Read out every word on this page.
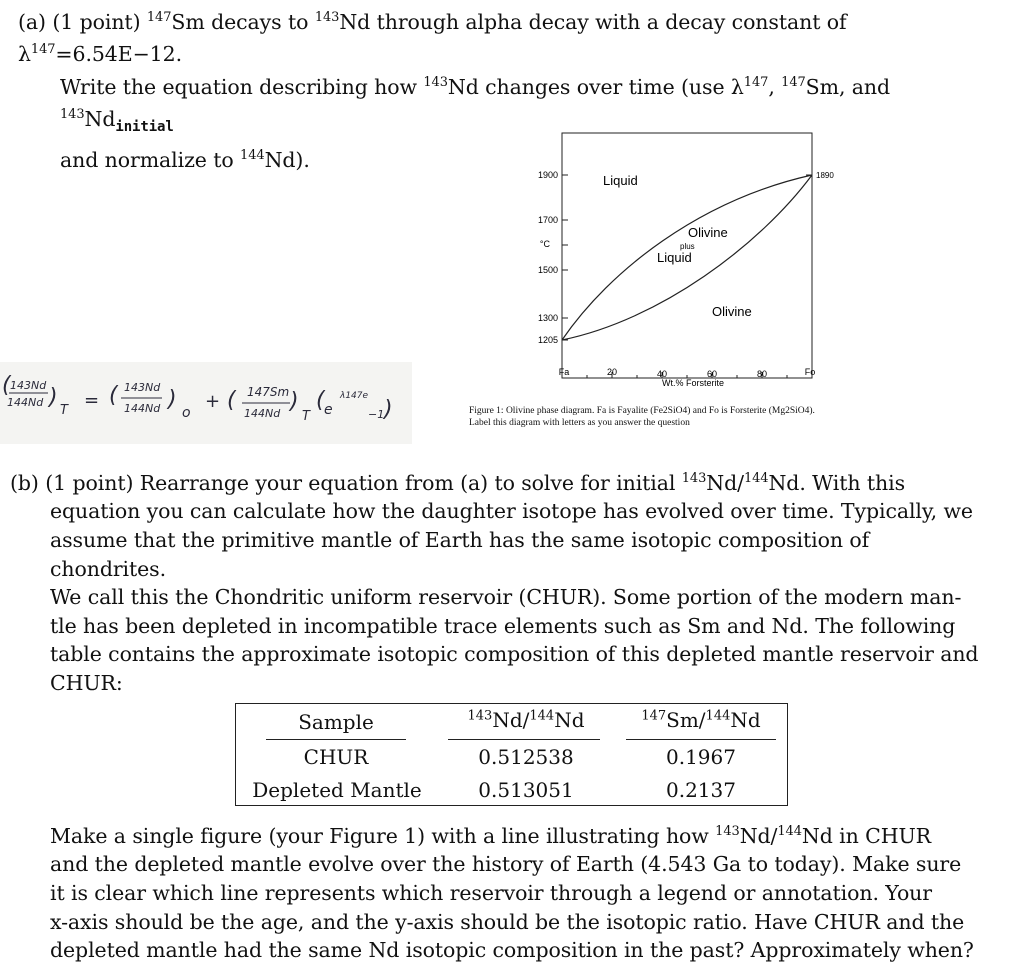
(a) (1 point) $^{147}$Sm decays to $^{143}$Nd through alpha decay with a decay constant of $\lambda^{147}=6.54E-12$.
Write the equation describing how $^{143}$Nd changes over time (use $\lambda^{147}$, $^{147}$Sm, and $^{143}Nd_{initial}$
and normalize to $^{144}$Nd).
1900
1700
°C
1500
1300
1205
1890
Fa	20	40	60	80	Fo
Wt.% Forsterite
Liquid
Olivine
plus
Liquid
Olivine
Figure 1: Olivine phase diagram. Fa is Fayalite (Fe2SiO4) and Fo is Forsterite (Mg2SiO4).
Label this diagram with letters as you answer the question
( 143Nd
144Nd )
T = ( 143Nd
144Nd )
o
+ ( 147Sm
144Nd )
T
( λ147e
e	−1 )
(b) (1 point) Rearrange your equation from (a) to solve for initial $^{143}$Nd/$^{144}$Nd. With this
equation you can calculate how the daughter isotope has evolved over time. Typically, we
assume that the primitive mantle of Earth has the same isotopic composition of chondrites.
We call this the Chondritic uniform reservoir (CHUR). Some portion of the modern man-
tle has been depleted in incompatible trace elements such as Sm and Nd. The following
table contains the approximate isotopic composition of this depleted mantle reservoir and
CHUR:
Sample	$^{143}$Nd/$^{144}$Nd	$^{147}$Sm/$^{144}$Nd
CHUR	0.512538	0.1967
Depleted Mantle	0.513051	0.2137
Make a single figure (your Figure 1) with a line illustrating how $^{143}$Nd/$^{144}$Nd in CHUR
and the depleted mantle evolve over the history of Earth (4.543 Ga to today). Make sure
it is clear which line represents which reservoir through a legend or annotation. Your
x-axis should be the age, and the y-axis should be the isotopic ratio. Have CHUR and the
depleted mantle had the same Nd isotopic composition in the past? Approximately when?
